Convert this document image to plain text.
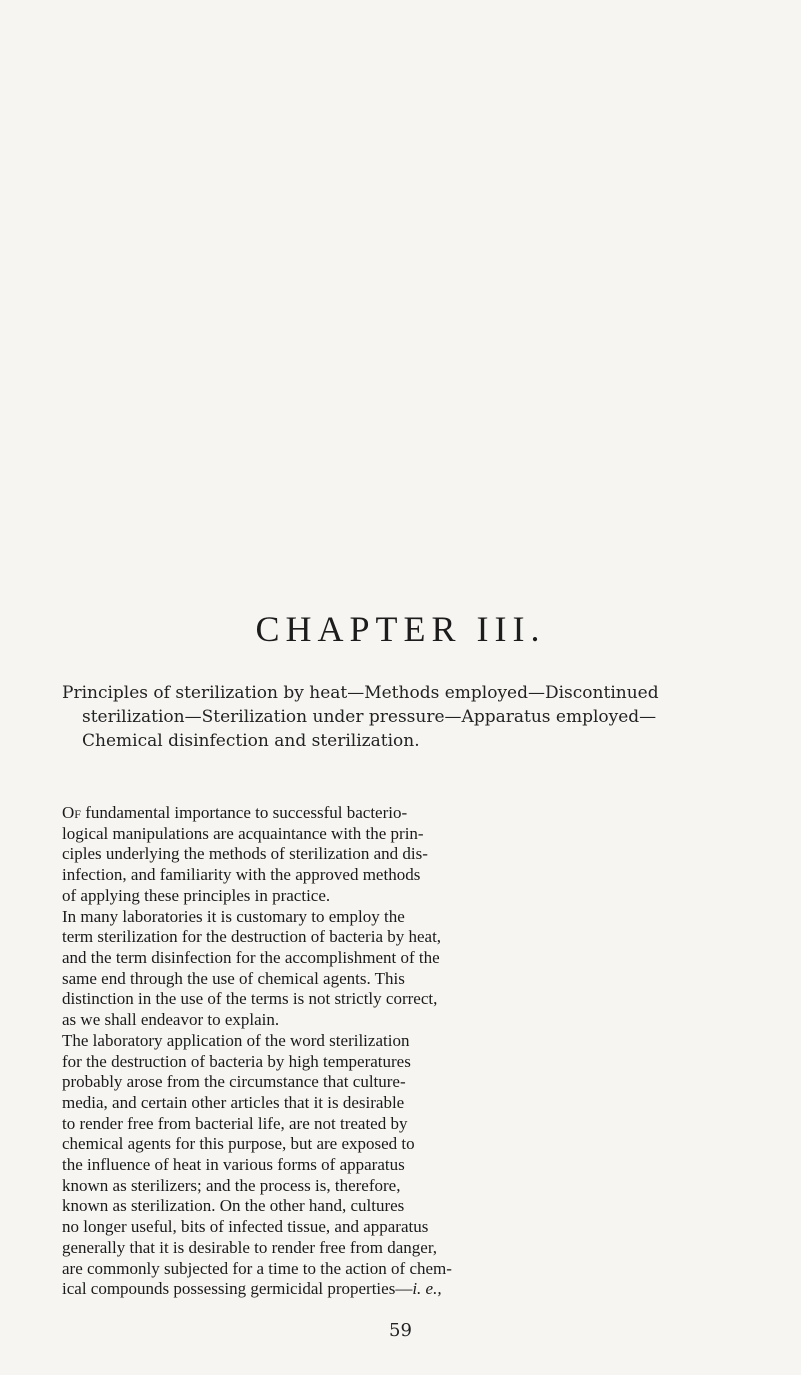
CHAPTER III.
Principles of sterilization by heat—Methods employed—Discontinued
sterilization—Sterilization under pressure—Apparatus employed—
Chemical disinfection and sterilization.
Of fundamental importance to successful bacterio-
logical manipulations are acquaintance with the prin-
ciples underlying the methods of sterilization and dis-
infection, and familiarity with the approved methods
of applying these principles in practice.
In many laboratories it is customary to employ the
term sterilization for the destruction of bacteria by heat,
and the term disinfection for the accomplishment of the
same end through the use of chemical agents. This
distinction in the use of the terms is not strictly correct,
as we shall endeavor to explain.
The laboratory application of the word sterilization
for the destruction of bacteria by high temperatures
probably arose from the circumstance that culture-
media, and certain other articles that it is desirable
to render free from bacterial life, are not treated by
chemical agents for this purpose, but are exposed to
the influence of heat in various forms of apparatus
known as sterilizers; and the process is, therefore,
known as sterilization. On the other hand, cultures
no longer useful, bits of infected tissue, and apparatus
generally that it is desirable to render free from danger,
are commonly subjected for a time to the action of chem-
ical compounds possessing germicidal properties—i. e.,
59
